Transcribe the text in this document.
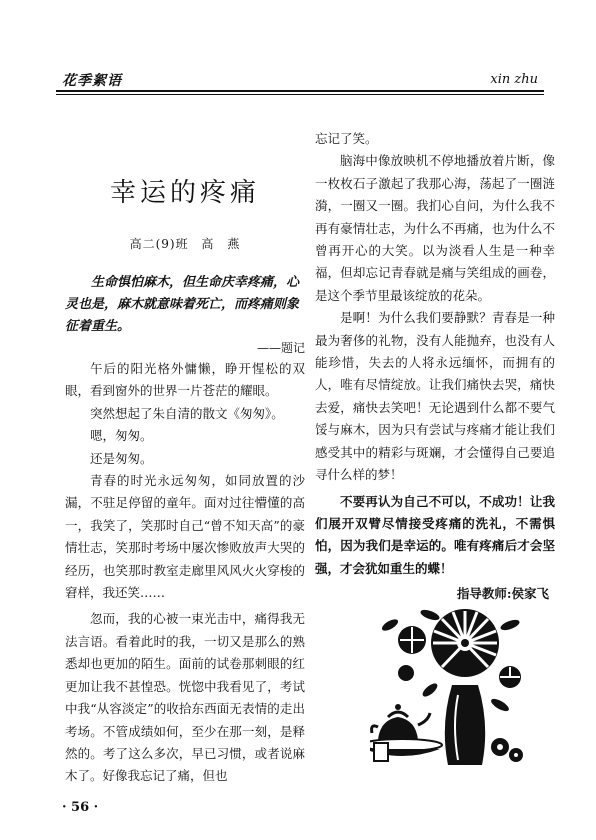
花季絮语	xin zhu
幸运的疼痛
高二(9)班 高　燕
生命惧怕麻木，但生命庆幸疼痛，心灵也是，麻木就意味着死亡，而疼痛则象征着重生。
——题记

午后的阳光格外慵懒，睁开惺松的双眼，看到窗外的世界一片苍茫的耀眼。

突然想起了朱自清的散文《匆匆》。

嗯，匆匆。

还是匆匆。

青春的时光永远匆匆，如同放置的沙漏，不驻足停留的童年。面对过往懵懂的高一，我笑了，笑那时自己“曾不知天高”的豪情壮志，笑那时考场中屡次惨败放声大哭的经历，也笑那时教室走廊里风风火火穿梭的窘样，我还笑……

忽而，我的心被一束光击中，痛得我无法言语。看着此时的我，一切又是那么的熟悉却也更加的陌生。面前的试卷那刺眼的红更加让我不甚惶恐。恍惚中我看见了，考试中我“从容淡定”的收拾东西面无表情的走出考场。不管成绩如何，至少在那一刻，是释然的。考了这么多次，早已习惯，或者说麻木了。好像我忘记了痛，但也

忘记了笑。

脑海中像放映机不停地播放着片断，像一枚枚石子激起了我那心海，荡起了一圈涟漪，一圈又一圈。我扪心自问，为什么我不再有豪情壮志，为什么不再痛，也为什么不曾再开心的大笑。以为淡看人生是一种幸福，但却忘记青春就是痛与笑组成的画卷，是这个季节里最该绽放的花朵。

是啊！为什么我们要静默？青春是一种最为奢侈的礼物，没有人能抛弃，也没有人能珍惜，失去的人将永远缅怀，而拥有的人，唯有尽情绽放。让我们痛快去哭，痛快去爱，痛快去笑吧！无论遇到什么都不要气馁与麻木，因为只有尝试与疼痛才能让我们感受其中的精彩与斑斓，才会懂得自己要追寻什么样的梦！

不要再认为自己不可以，不成功！让我们展开双臂尽情接受疼痛的洗礼，不需惧怕，因为我们是幸运的。唯有疼痛后才会坚强，才会犹如重生的蝶！

指导教师:侯家飞
· 56 ·
